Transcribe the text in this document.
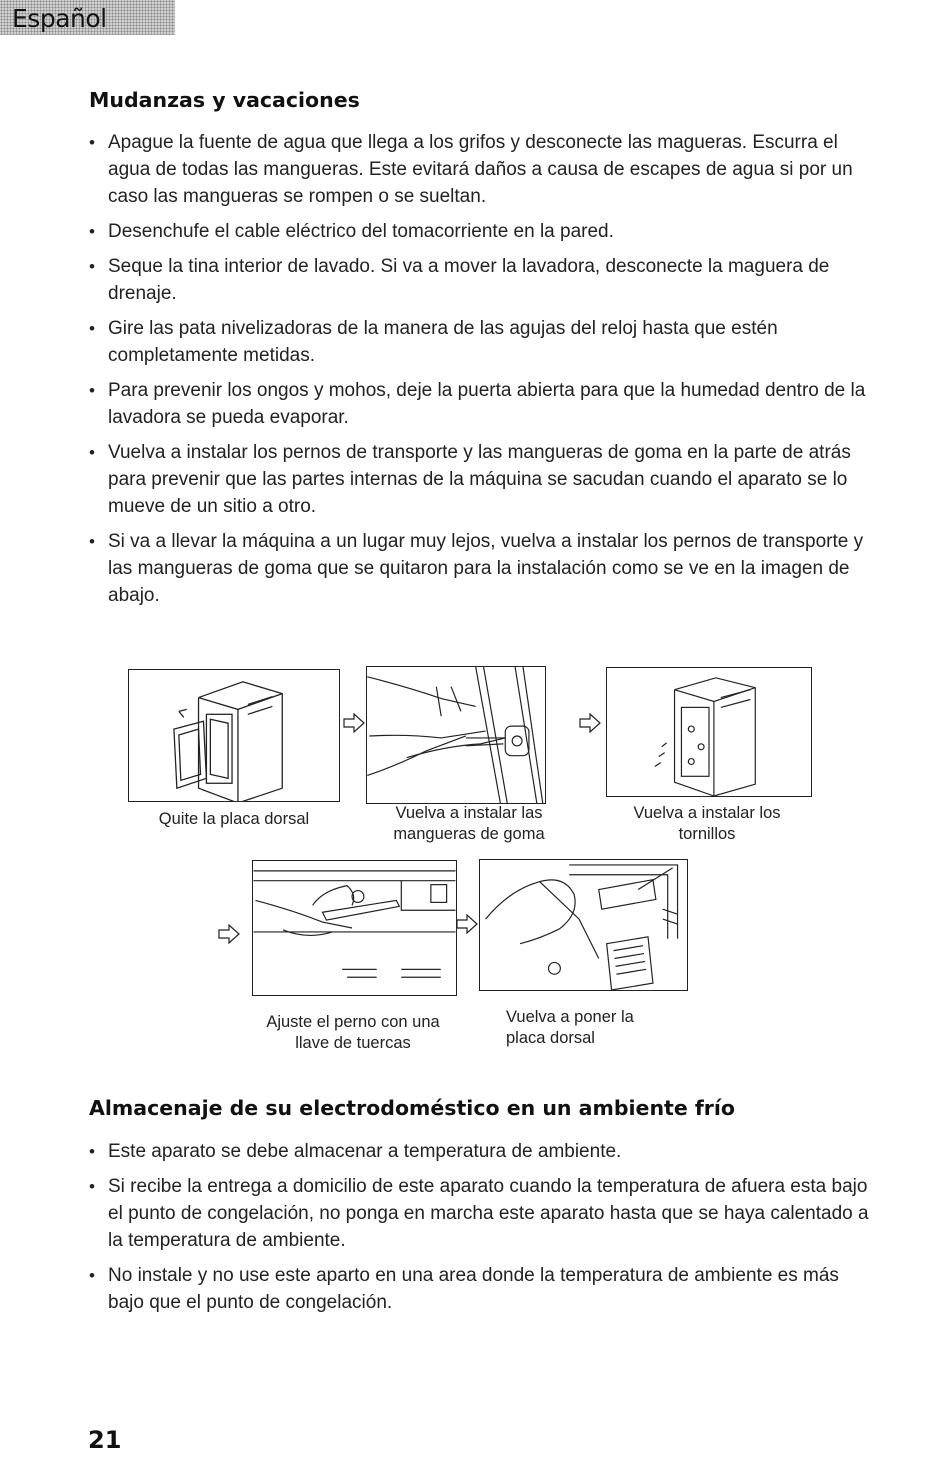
Español
Mudanzas y vacaciones
• Apague la fuente de agua que llega a los grifos y desconecte las magueras. Escurra el agua de todas las mangueras. Este evitará daños a causa de escapes de agua si por un caso las mangueras se rompen o se sueltan.
• Desenchufe el cable eléctrico del tomacorriente en la pared.
• Seque la tina interior de lavado. Si va a mover la lavadora, desconecte la maguera de drenaje.
• Gire las pata nivelizadoras de la manera de las agujas del reloj hasta que estén completamente metidas.
• Para prevenir los ongos y mohos, deje la puerta abierta para que la humedad dentro de la lavadora se pueda evaporar.
• Vuelva a instalar los pernos de transporte y las mangueras de goma en la parte de atrás para prevenir que las partes internas de la máquina se sacudan cuando el aparato se lo mueve de un sitio a otro.
• Si va a llevar la máquina a un lugar muy lejos, vuelva a instalar los pernos de transporte y las mangueras de goma que se quitaron para la instalación como se ve en la imagen de abajo.
Quite la placa dorsal	Vuelva a instalar las mangueras de goma
Vuelva a instalar los tornillos
Ajuste el perno con una llave de tuercas
Vuelva a poner la placa dorsal
Almacenaje de su electrodoméstico en un ambiente frío
• Este aparato se debe almacenar a temperatura de ambiente.
• Si recibe la entrega a domicilio de este aparato cuando la temperatura de afuera esta bajo el punto de congelación, no ponga en marcha este aparato hasta que se haya calentado a la temperatura de ambiente.
• No instale y no use este aparto en una area donde la temperatura de ambiente es más bajo que el punto de congelación.

21
